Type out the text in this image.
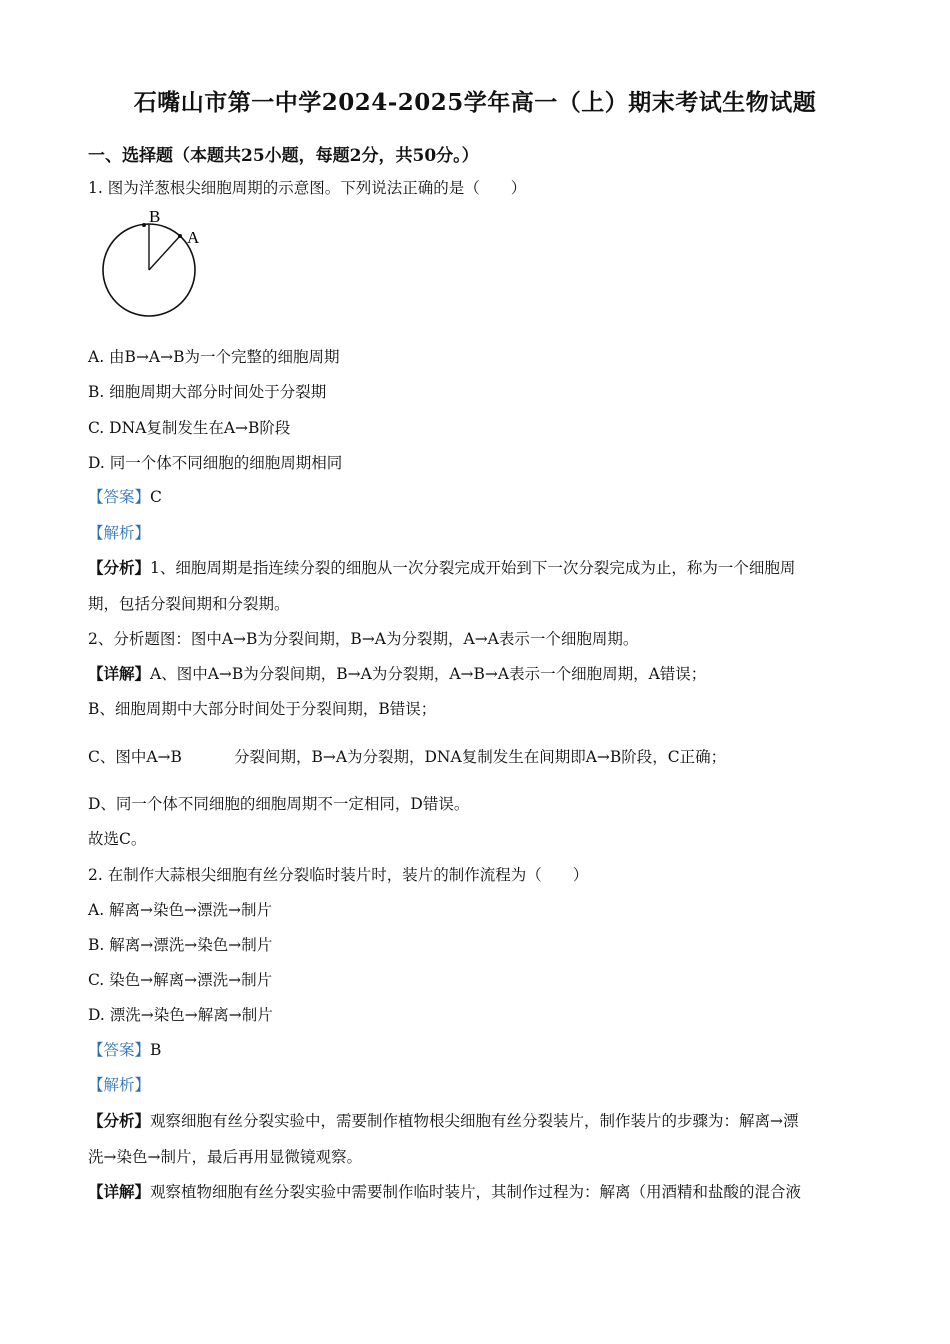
石嘴山市第一中学2024-2025学年高一（上）期末考试生物试题
一、选择题（本题共25小题，每题2分，共50分。）
1. 图为洋葱根尖细胞周期的示意图。下列说法正确的是（　　）
B
A
A. 由B→A→B为一个完整的细胞周期
B. 细胞周期大部分时间处于分裂期
C. DNA复制发生在A→B阶段
D. 同一个体不同细胞的细胞周期相同
【答案】C
【解析】
【分析】1、细胞周期是指连续分裂的细胞从一次分裂完成开始到下一次分裂完成为止，称为一个细胞周
期，包括分裂间期和分裂期。
2、分析题图：图中A→B为分裂间期，B→A为分裂期，A→A表示一个细胞周期。
【详解】A、图中A→B为分裂间期，B→A为分裂期，A→B→A表示一个细胞周期，A错误；
B、细胞周期中大部分时间处于分裂间期，B错误；
C、图中A→B	分裂间期，B→A为分裂期，DNA复制发生在间期即A→B阶段，C正确；
D、同一个体不同细胞的细胞周期不一定相同，D错误。
故选C。
2. 在制作大蒜根尖细胞有丝分裂临时装片时，装片的制作流程为（　　）
A. 解离→染色→漂洗→制片
B. 解离→漂洗→染色→制片
C. 染色→解离→漂洗→制片
D. 漂洗→染色→解离→制片
【答案】B
【解析】
【分析】观察细胞有丝分裂实验中，需要制作植物根尖细胞有丝分裂装片，制作装片的步骤为：解离→漂
洗→染色→制片，最后再用显微镜观察。
【详解】观察植物细胞有丝分裂实验中需要制作临时装片，其制作过程为：解离（用酒精和盐酸的混合液
